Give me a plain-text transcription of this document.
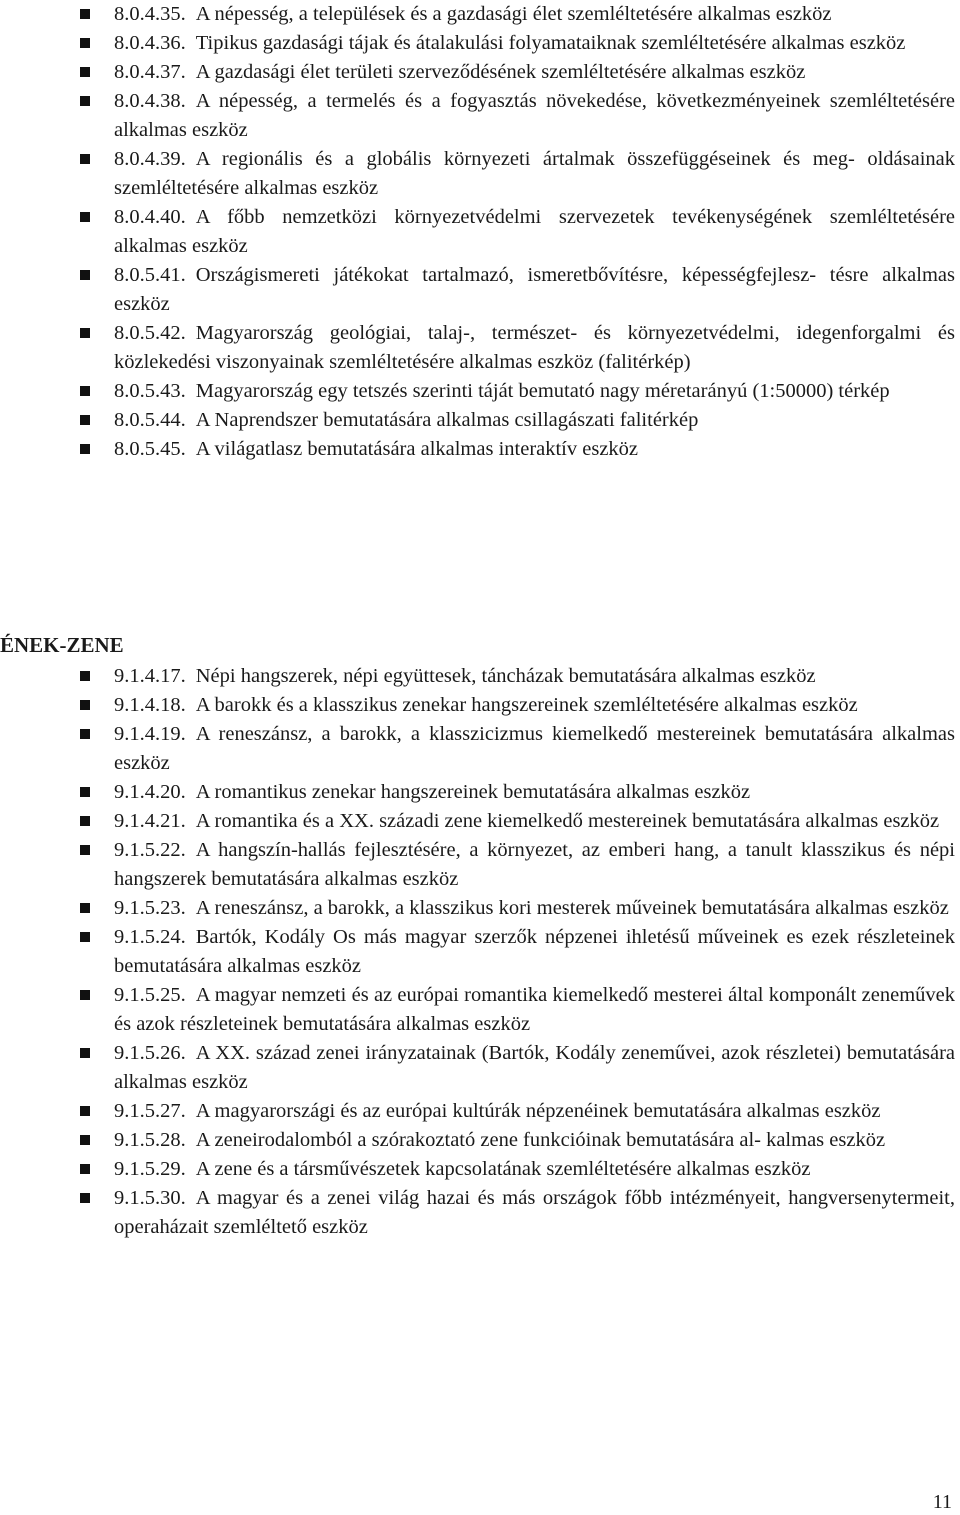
8.0.4.35. A népesség, a települések és a gazdasági élet szemléltetésére alkalmas eszköz
8.0.4.36. Tipikus gazdasági tájak és átalakulási folyamataiknak szemléltetésére alkalmas eszköz
8.0.4.37. A gazdasági élet területi szerveződésének szemléltetésére alkalmas eszköz
8.0.4.38. A népesség, a termelés és a fogyasztás növekedése, következményeinek szemléltetésére alkalmas eszköz
8.0.4.39. A regionális és a globális környezeti ártalmak összefüggéseinek és meg- oldásainak szemléltetésére alkalmas eszköz
8.0.4.40. A főbb nemzetközi környezetvédelmi szervezetek tevékenységének szemléltetésére alkalmas eszköz
8.0.5.41. Országismereti játékokat tartalmazó, ismeretbővítésre, képességfejlesz- tésre alkalmas eszköz
8.0.5.42. Magyarország geológiai, talaj-, természet- és környezetvédelmi, idegenforgalmi és közlekedési viszonyainak szemléltetésére alkalmas eszköz (falitérkép)
8.0.5.43. Magyarország egy tetszés szerinti táját bemutató nagy méretarányú (1:50000) térkép
8.0.5.44. A Naprendszer bemutatására alkalmas csillagászati falitérkép
8.0.5.45. A világatlasz bemutatására alkalmas interaktív eszköz
ÉNEK-ZENE
9.1.4.17. Népi hangszerek, népi együttesek, táncházak bemutatására alkalmas eszköz
9.1.4.18. A barokk és a klasszikus zenekar hangszereinek szemléltetésére alkalmas eszköz
9.1.4.19. A reneszánsz, a barokk, a klasszicizmus kiemelkedő mestereinek bemutatására alkalmas eszköz
9.1.4.20. A romantikus zenekar hangszereinek bemutatására alkalmas eszköz
9.1.4.21. A romantika és a XX. századi zene kiemelkedő mestereinek bemutatására alkalmas eszköz
9.1.5.22. A hangszín-hallás fejlesztésére, a környezet, az emberi hang, a tanult klasszikus és népi hangszerek bemutatására alkalmas eszköz
9.1.5.23. A reneszánsz, a barokk, a klasszikus kori mesterek műveinek bemutatására alkalmas eszköz
9.1.5.24. Bartók, Kodály Os más magyar szerzők népzenei ihletésű műveinek es ezek részleteinek bemutatására alkalmas eszköz
9.1.5.25. A magyar nemzeti és az európai romantika kiemelkedő mesterei által komponált zeneművek és azok részleteinek bemutatására alkalmas eszköz
9.1.5.26. A XX. század zenei irányzatainak (Bartók, Kodály zeneművei, azok részletei) bemutatására alkalmas eszköz
9.1.5.27. A magyarországi és az európai kultúrák népzenéinek bemutatására alkalmas eszköz
9.1.5.28. A zeneirodalomból a szórakoztató zene funkcióinak bemutatására al- kalmas eszköz
9.1.5.29. A zene és a társművészetek kapcsolatának szemléltetésére alkalmas eszköz
9.1.5.30. A magyar és a zenei világ hazai és más országok főbb intézményeit, hangversenytermeit, operaházait szemléltető eszköz
11
